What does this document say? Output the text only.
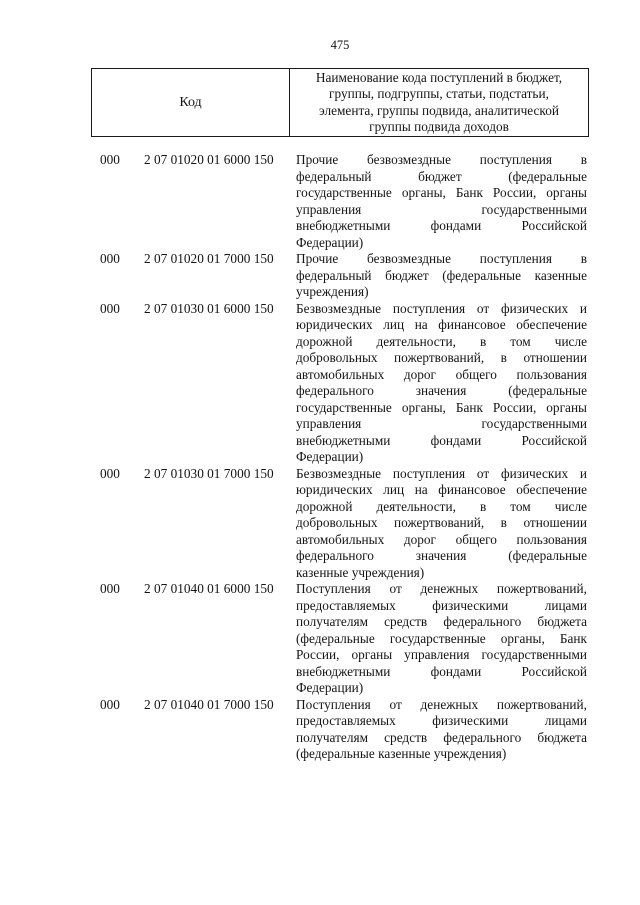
475
Код
Наименование кода поступлений в бюджет,
группы, подгруппы, статьи, подстатьи,
элемента, группы подвида, аналитической
группы подвида доходов
000 2 07 01020 01 6000 150 Прочие безвозмездные поступления в
федеральный бюджет (федеральные
государственные органы, Банк России, органы
управления государственными
внебюджетными фондами Российской
Федерации)
000 2 07 01020 01 7000 150 Прочие безвозмездные поступления в
федеральный бюджет (федеральные казенные
учреждения)
000 2 07 01030 01 6000 150 Безвозмездные поступления от физических и
юридических лиц на финансовое обеспечение
дорожной деятельности, в том числе
добровольных пожертвований, в отношении
автомобильных дорог общего пользования
федерального значения (федеральные
государственные органы, Банк России, органы
управления государственными
внебюджетными фондами Российской
Федерации)
000 2 07 01030 01 7000 150 Безвозмездные поступления от физических и
юридических лиц на финансовое обеспечение
дорожной деятельности, в том числе
добровольных пожертвований, в отношении
автомобильных дорог общего пользования
федерального значения (федеральные
казенные учреждения)
000 2 07 01040 01 6000 150 Поступления от денежных пожертвований,
предоставляемых физическими лицами
получателям средств федерального бюджета
(федеральные государственные органы, Банк
России, органы управления государственными
внебюджетными фондами Российской
Федерации)
000 2 07 01040 01 7000 150 Поступления от денежных пожертвований,
предоставляемых физическими лицами
получателям средств федерального бюджета
(федеральные казенные учреждения)
